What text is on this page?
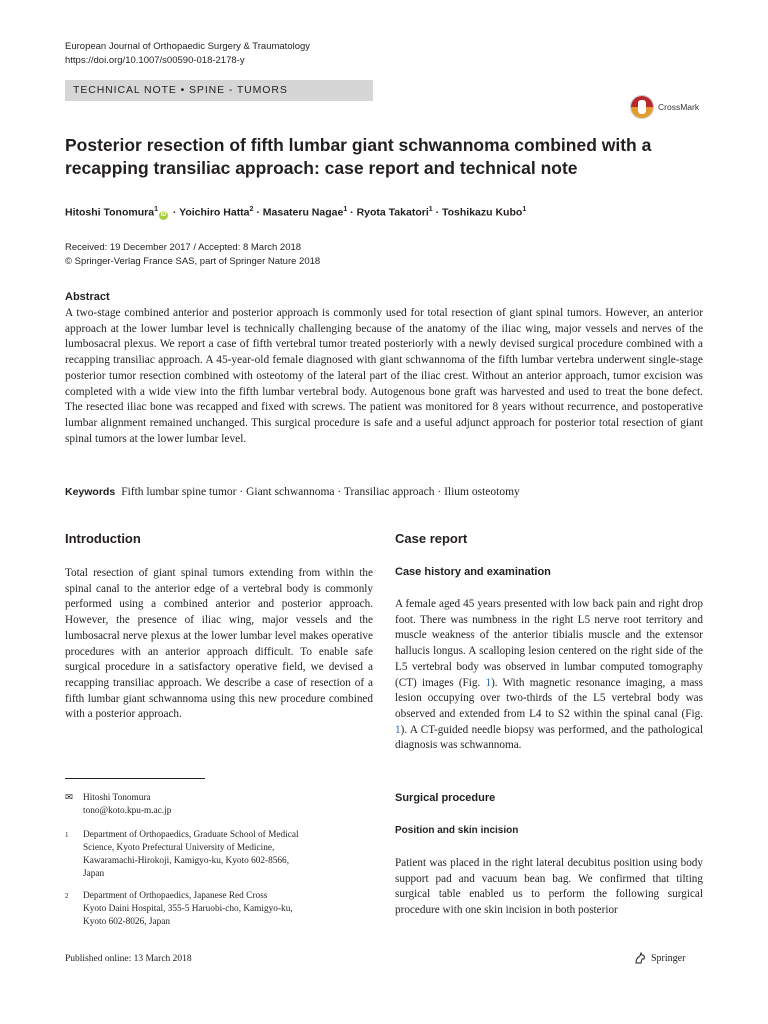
European Journal of Orthopaedic Surgery & Traumatology
https://doi.org/10.1007/s00590-018-2178-y
TECHNICAL NOTE • SPINE - TUMORS
CrossMark
Posterior resection of fifth lumbar giant schwannoma combined with a recapping transiliac approach: case report and technical note
Hitoshi Tonomura$^1$iD · Yoichiro Hatta$^2$ · Masateru Nagae$^1$ · Ryota Takatori$^1$ · Toshikazu Kubo$^1$
Received: 19 December 2017 / Accepted: 8 March 2018
© Springer-Verlag France SAS, part of Springer Nature 2018
Abstract
A two-stage combined anterior and posterior approach is commonly used for total resection of giant spinal tumors. However, an anterior approach at the lower lumbar level is technically challenging because of the anatomy of the iliac wing, major vessels and nerves of the lumbosacral plexus. We report a case of fifth vertebral tumor treated posteriorly with a newly devised surgical procedure combined with a recapping transiliac approach. A 45-year-old female diagnosed with giant schwannoma of the fifth lumbar vertebra underwent single-stage posterior tumor resection combined with osteotomy of the lateral part of the iliac crest. Without an anterior approach, tumor excision was completed with a wide view into the fifth lumbar vertebral body. Autogenous bone graft was harvested and used to treat the bone defect. The resected iliac bone was recapped and fixed with screws. The patient was monitored for 8 years without recurrence, and postoperative lumbar alignment remained unchanged. This surgical procedure is safe and a useful adjunct approach for posterior total resection of giant spinal tumors at the lower lumbar level.
Keywords Fifth lumbar spine tumor · Giant schwannoma · Transiliac approach · Ilium osteotomy
Introduction
Total resection of giant spinal tumors extending from within the spinal canal to the anterior edge of a vertebral body is commonly performed using a combined anterior and posterior approach. However, the presence of iliac wing, major vessels and the lumbosacral nerve plexus at the lower lumbar level makes operative procedures with an anterior approach difficult. To enable safe surgical procedure in a satisfactory operative field, we devised a recapping transiliac approach. We describe a case of resection of a fifth lumbar giant schwannoma using this new procedure combined with a posterior approach.
✉ Hitoshi Tonomura
tono@koto.kpu-m.ac.jp
1	Department of Orthopaedics, Graduate School of Medical
Science, Kyoto Prefectural University of Medicine,
Kawaramachi-Hirokoji, Kamigyo-ku, Kyoto 602-8566,
Japan
2	Department of Orthopaedics, Japanese Red Cross
Kyoto Daini Hospital, 355-5 Haruobi-cho, Kamigyo-ku,
Kyoto 602-8026, Japan
Published online: 13 March 2018	Springer
Case report
Case history and examination
A female aged 45 years presented with low back pain and right drop foot. There was numbness in the right L5 nerve root territory and muscle weakness of the anterior tibialis muscle and the extensor hallucis longus. A scalloping lesion centered on the right side of the L5 vertebral body was observed in lumbar computed tomography (CT) images (Fig. 1). With magnetic resonance imaging, a mass lesion occupying over two-thirds of the L5 vertebral body was observed and extended from L4 to S2 within the spinal canal (Fig. 1). A CT-guided needle biopsy was performed, and the pathological diagnosis was schwannoma.
Surgical procedure
Position and skin incision
Patient was placed in the right lateral decubitus position using body support pad and vacuum bean bag. We confirmed that tilting surgical table enabled us to perform the following surgical procedure with one skin incision in both posterior
